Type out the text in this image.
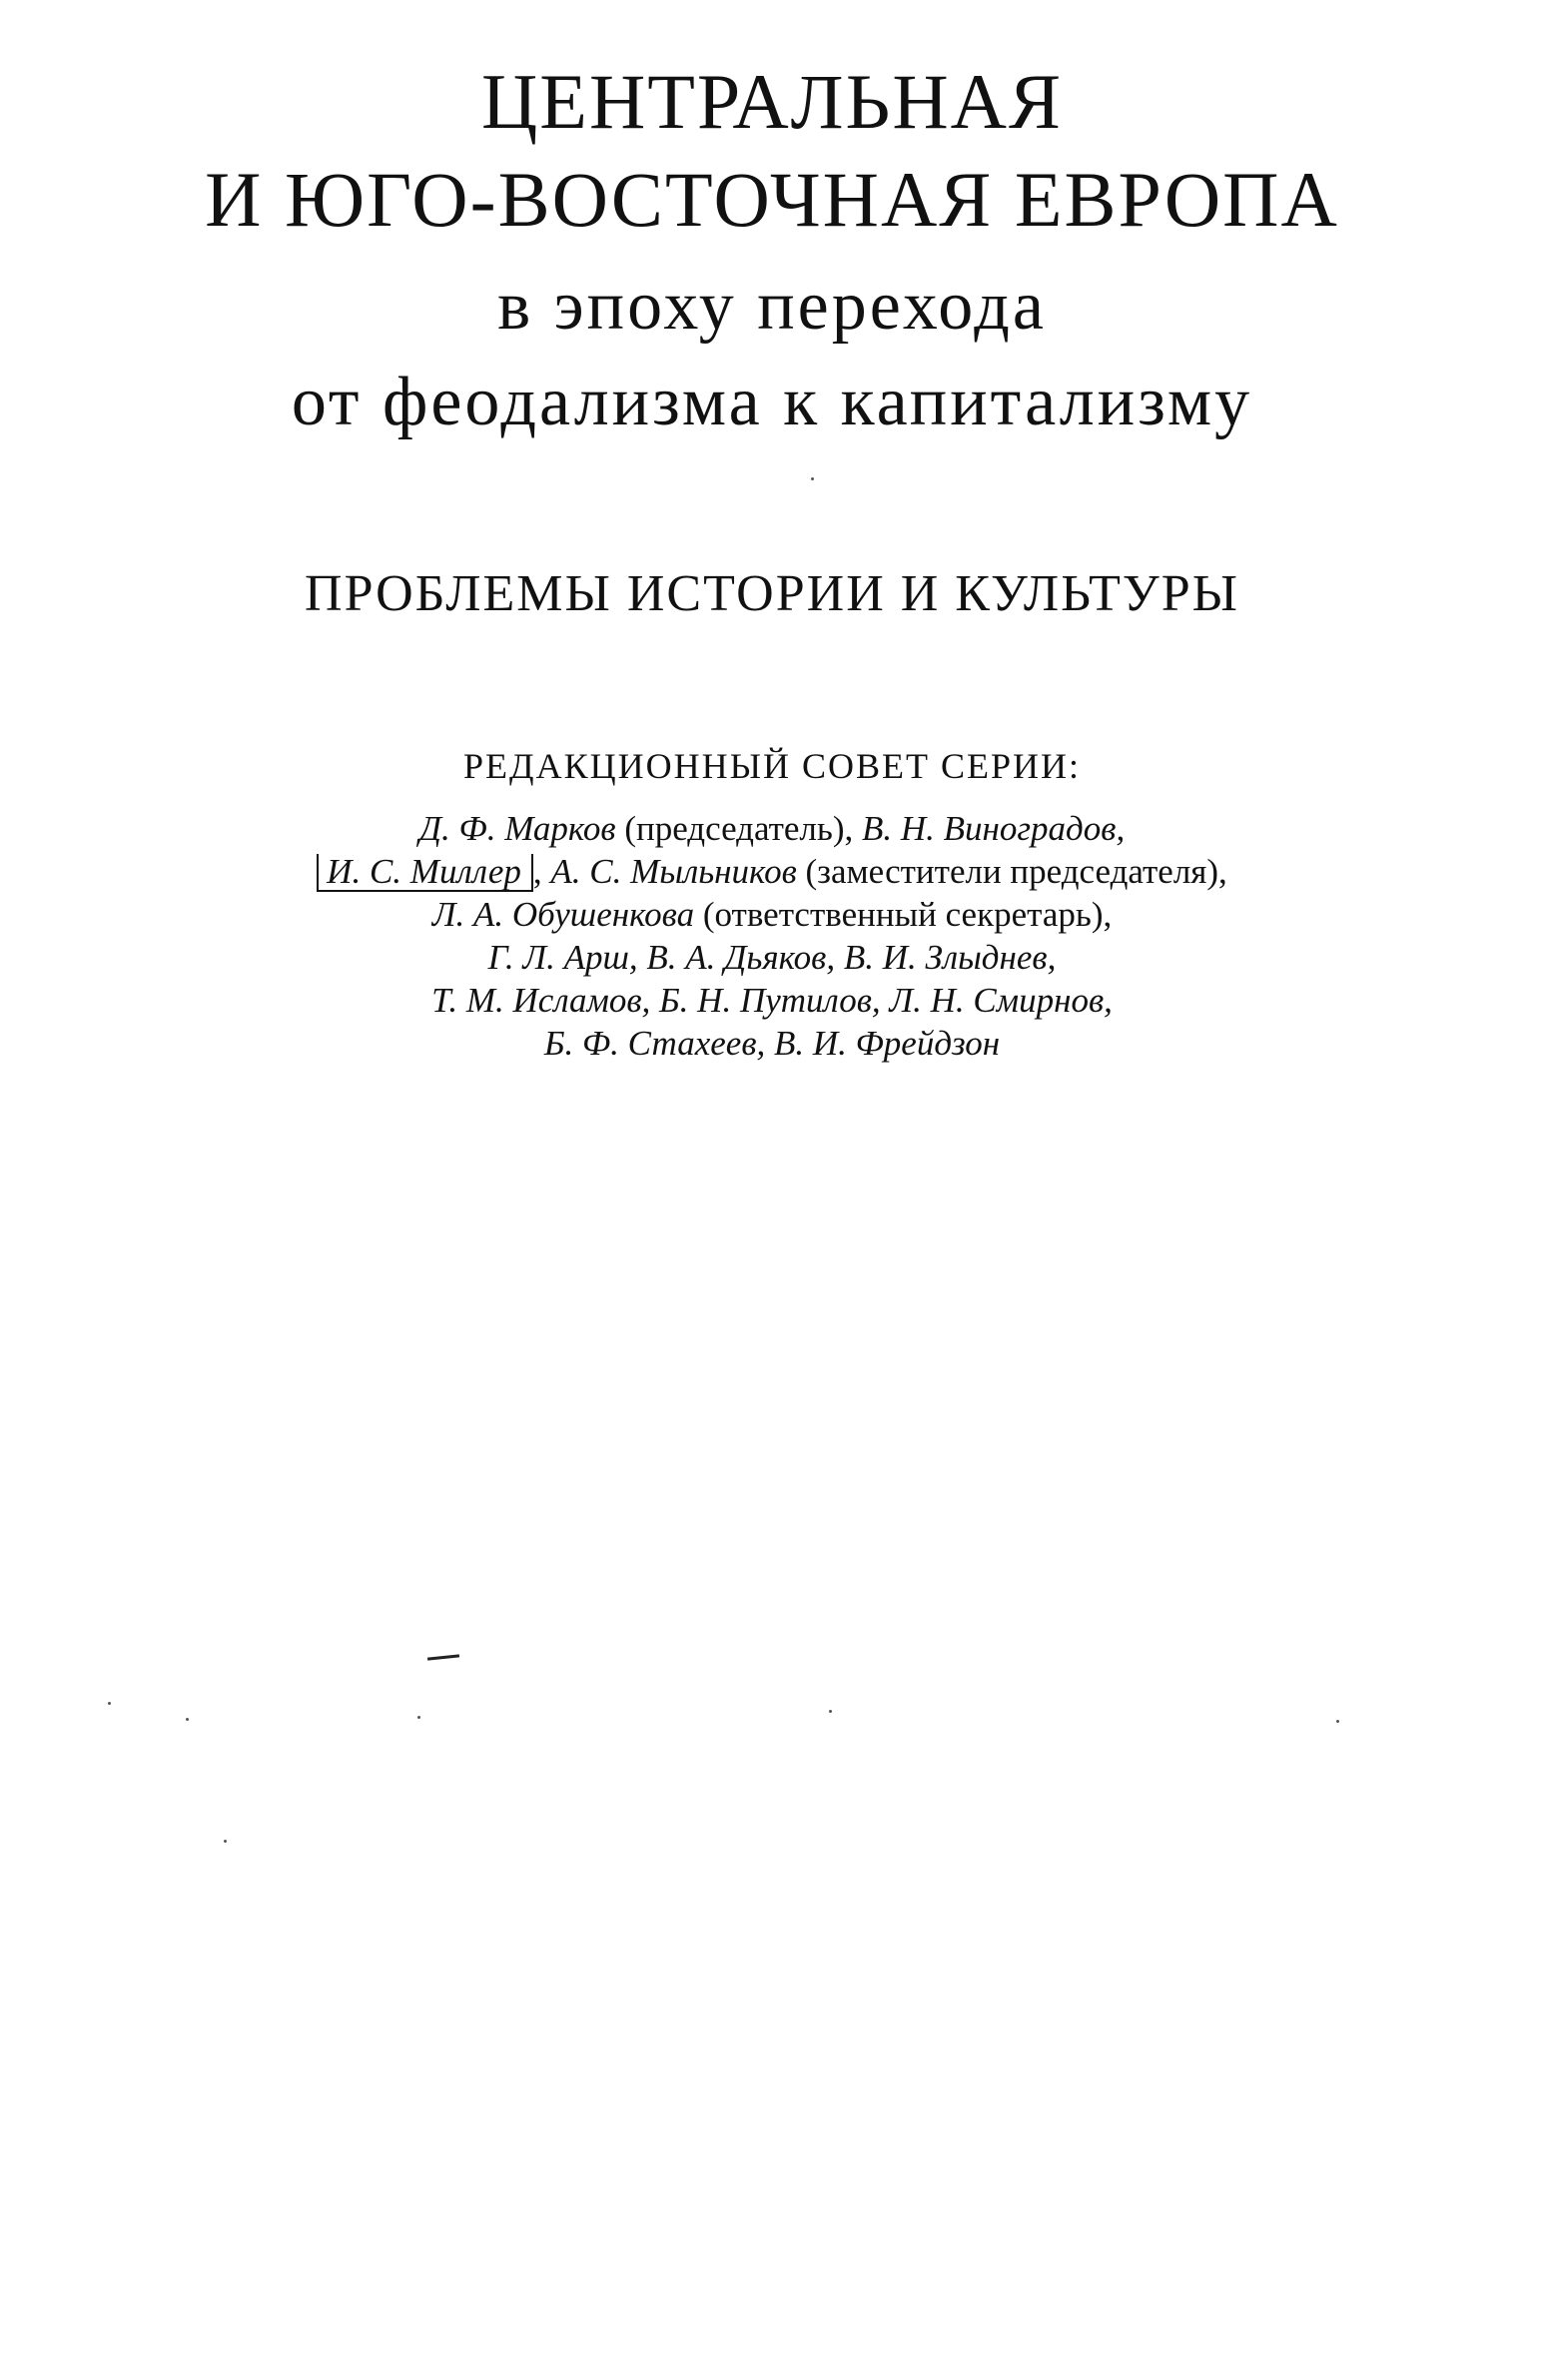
ЦЕНТРАЛЬНАЯ
И ЮГО-ВОСТОЧНАЯ ЕВРОПА
в эпоху перехода
от феодализма к капитализму
ПРОБЛЕМЫ ИСТОРИИ И КУЛЬТУРЫ
РЕДАКЦИОННЫЙ СОВЕТ СЕРИИ:
Д. Ф. Марков (председатель), В. Н. Виноградов,
И. С. Миллер , А. С. Мыльников (заместители председателя),
Л. А. Обушенкова (ответственный секретарь),
Г. Л. Арш, В. А. Дьяков, В. И. Злыднев,
Т. М. Исламов, Б. Н. Путилов, Л. Н. Смирнов,
Б. Ф. Стахеев, В. И. Фрейдзон
